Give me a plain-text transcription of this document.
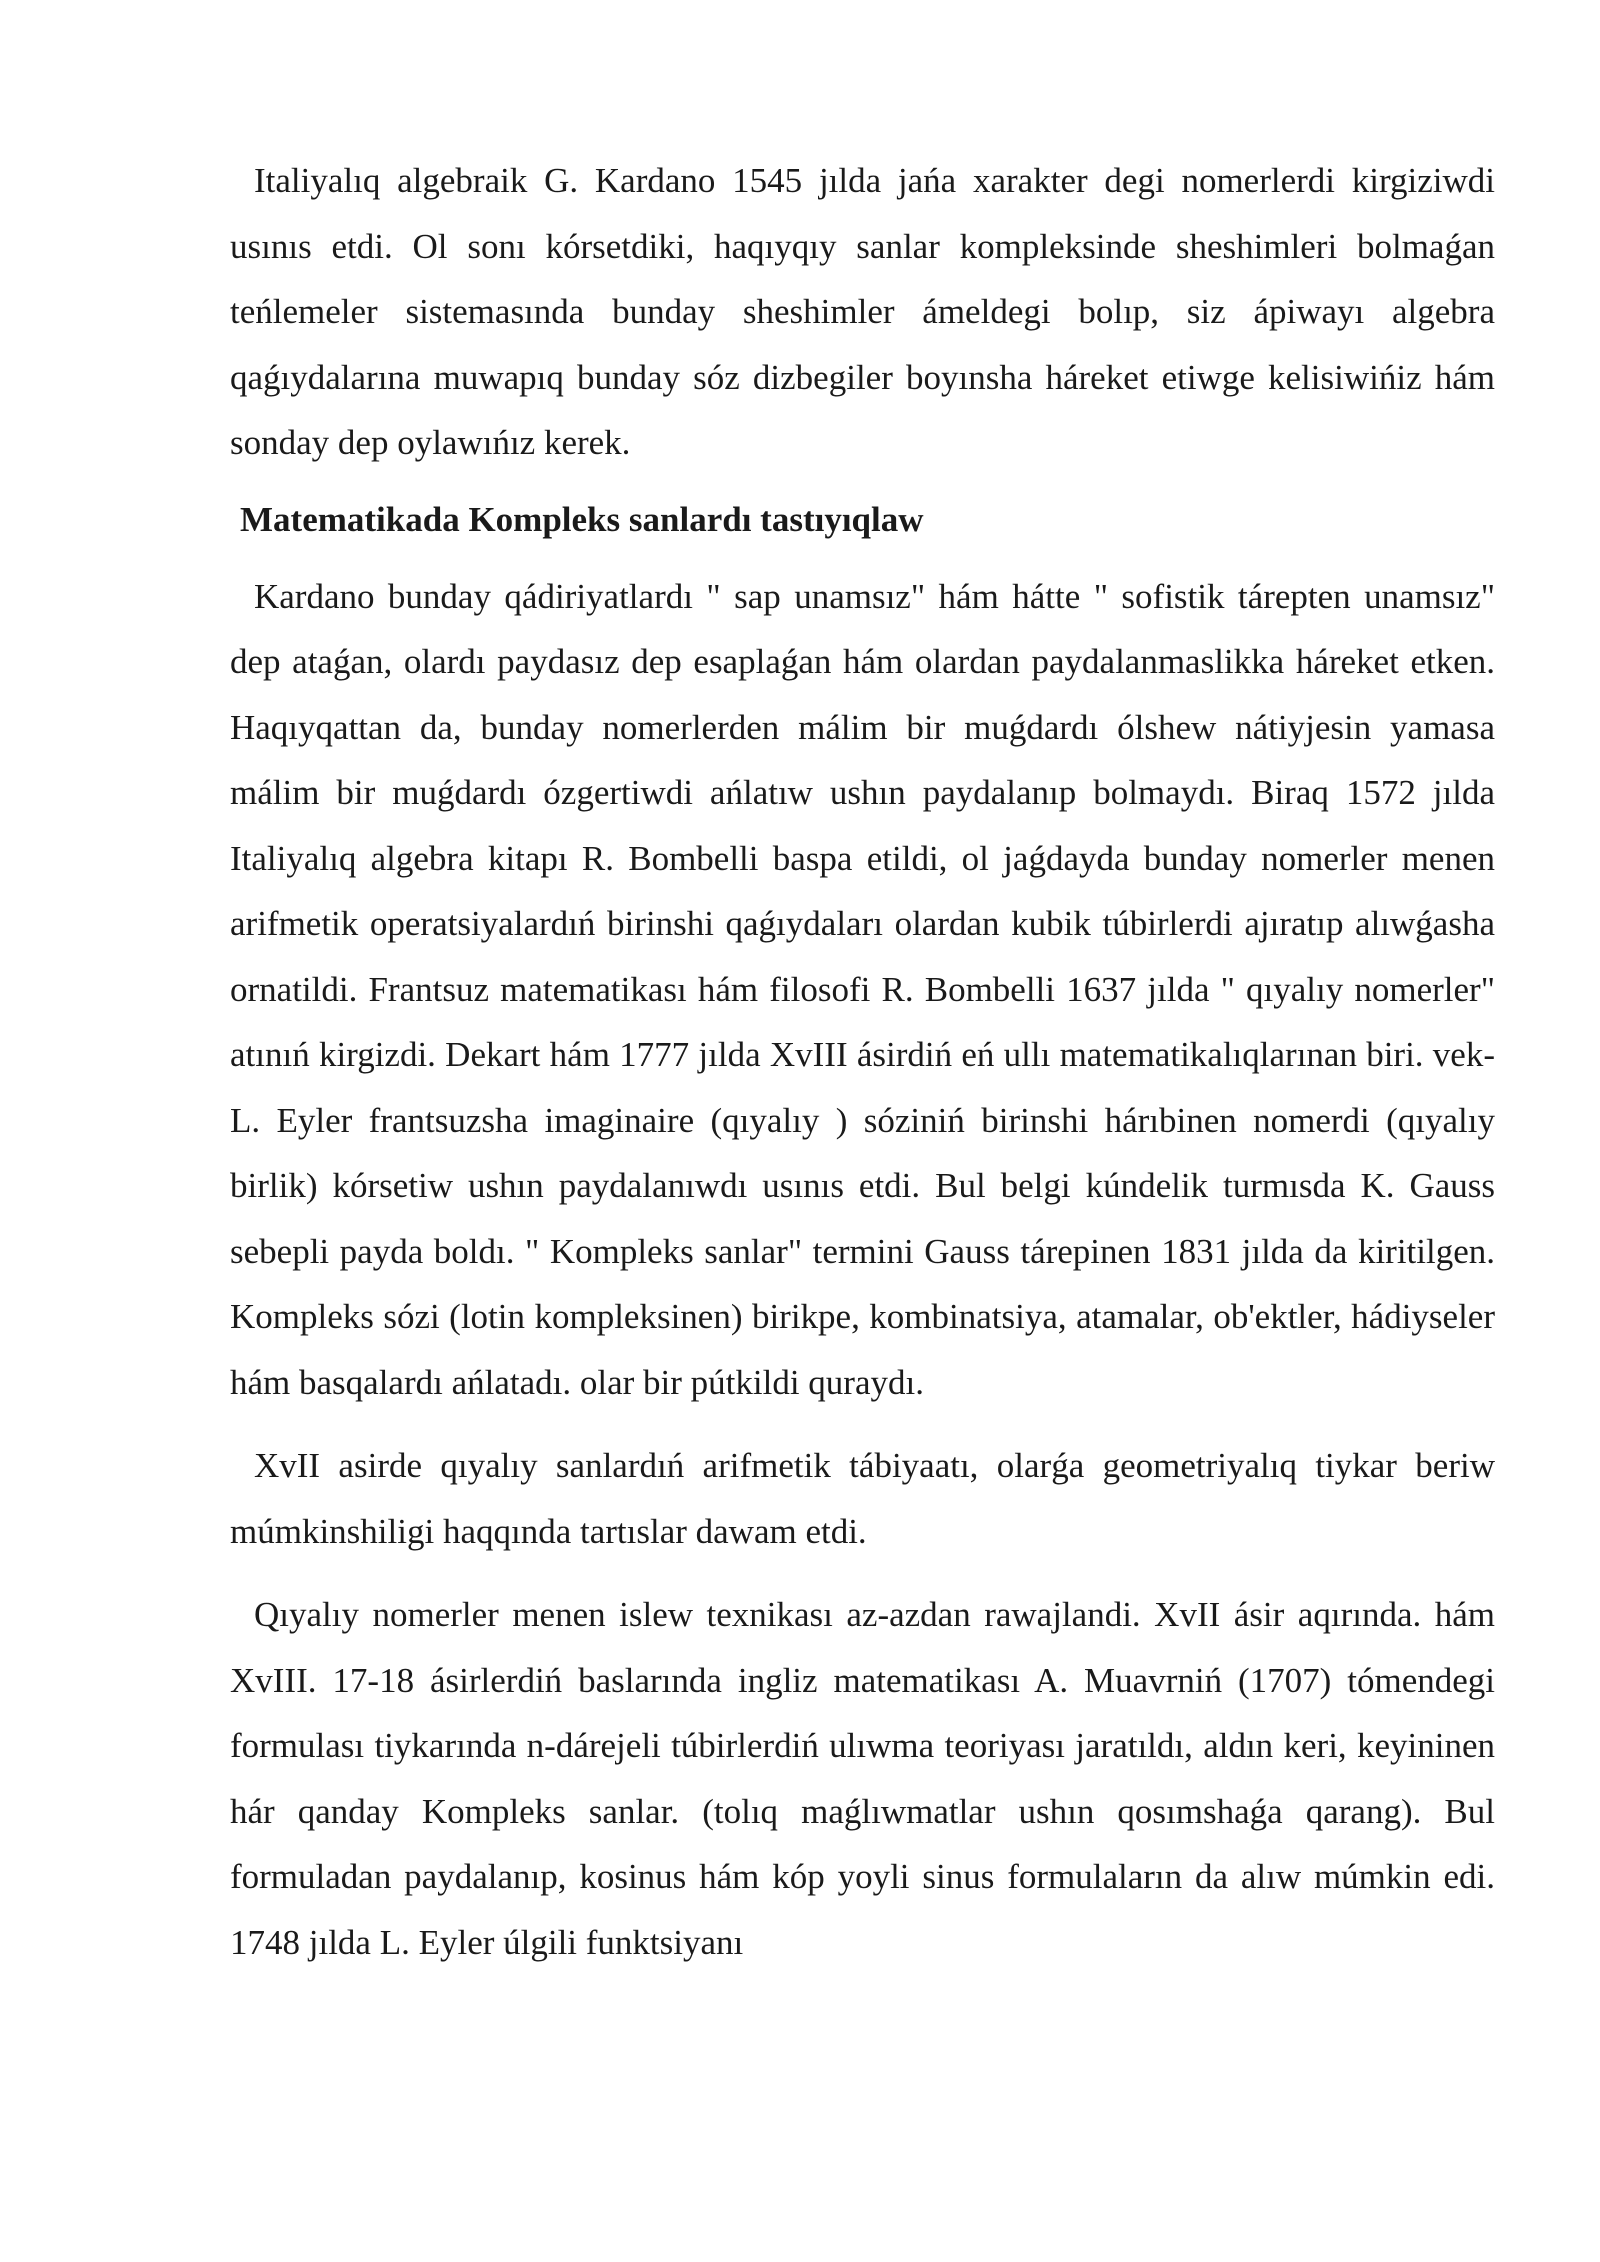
Italiyalıq algebraik G. Kardano 1545 jılda jańa xarakter degi nomerlerdi kirgiziwdi usınıs etdi. Ol sonı kórsetdiki, haqıyqıy sanlar kompleksinde sheshimleri bolmaǵan teńlemeler sistemasında bunday sheshimler ámeldegi bolıp, siz ápiwayı algebra qaǵıydalarına muwapıq bunday sóz dizbegiler boyınsha háreket etiwge kelisiwińiz hám sonday dep oylawıńız kerek.

Matematikada Kompleks sanlardı tastıyıqlaw

Kardano bunday qádiriyatlardı " sap unamsız" hám hátte " sofistik tárepten unamsız" dep ataǵan, olardı paydasız dep esaplaǵan hám olardan paydalanmaslikka háreket etken. Haqıyqattan da, bunday nomerlerden málim bir muǵdardı ólshew nátiyjesin yamasa málim bir muǵdardı ózgertiwdi ańlatıw ushın paydalanıp bolmaydı. Biraq 1572 jılda Italiyalıq algebra kitapı R. Bombelli baspa etildi, ol jaǵdayda bunday nomerler menen arifmetik operatsiyalardıń birinshi qaǵıydaları olardan kubik túbirlerdi ajıratıp alıwǵasha ornatildi. Frantsuz matematikası hám filosofi R. Bombelli 1637 jılda " qıyalıy nomerler" atınıń kirgizdi. Dekart hám 1777 jılda XvIII ásirdiń eń ullı matematikalıqlarınan biri. vek-L. Eyler frantsuzsha imaginaire (qıyalıy ) sóziniń birinshi hárıbinen nomerdi (qıyalıy birlik) kórsetiw ushın paydalanıwdı usınıs etdi. Bul belgi kúndelik turmısda K. Gauss sebepli payda boldı. " Kompleks sanlar" termini Gauss tárepinen 1831 jılda da kiritilgen. Kompleks sózi (lotin kompleksinen) birikpe, kombinatsiya, atamalar, ob'ektler, hádiyseler hám basqalardı ańlatadı. olar bir pútkildi quraydı.

XvII asirde qıyalıy sanlardıń arifmetik tábiyaatı, olarǵa geometriyalıq tiykar beriw múmkinshiligi haqqında tartıslar dawam etdi.

Qıyalıy nomerler menen islew texnikası az-azdan rawajlandi. XvII ásir aqırında. hám XvIII. 17-18 ásirlerdiń baslarında ingliz matematikası A. Muavrniń (1707) tómendegi formulası tiykarında n-dárejeli túbirlerdiń ulıwma teoriyası jaratıldı, aldın keri, keyininen hár qanday Kompleks sanlar. (tolıq maǵlıwmatlar ushın qosımshaǵa qarang). Bul formuladan paydalanıp, kosinus hám kóp yoyli sinus formulaların da alıw múmkin edi. 1748 jılda L. Eyler úlgili funktsiyanı
